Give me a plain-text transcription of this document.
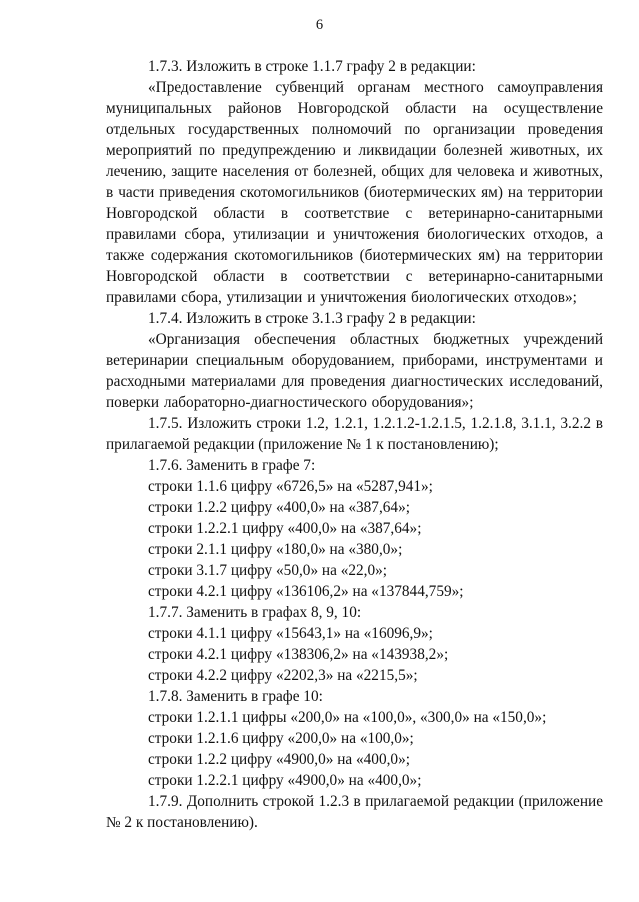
6

1.7.3. Изложить в строке 1.1.7 графу 2 в редакции:

«Предоставление субвенций органам местного самоуправления муниципальных районов Новгородской области на осуществление отдельных государственных полномочий по организации проведения мероприятий по предупреждению и ликвидации болезней животных, их лечению, защите населения от болезней, общих для человека и животных, в части приведения скотомогильников (биотермических ям) на территории Новгородской области в соответствие с ветеринарно-санитарными правилами сбора, утилизации и уничтожения биологических отходов, а также содержания скотомогильников (биотермических ям) на территории Новгородской области в соответствии с ветеринарно-санитарными правилами сбора, утилизации и уничтожения биологических отходов»;

1.7.4. Изложить в строке 3.1.3 графу 2 в редакции:

«Организация обеспечения областных бюджетных учреждений ветеринарии специальным оборудованием, приборами, инструментами и расходными материалами для проведения диагностических исследований, поверки лабораторно-диагностического оборудования»;

1.7.5. Изложить строки 1.2, 1.2.1, 1.2.1.2-1.2.1.5, 1.2.1.8, 3.1.1, 3.2.2 в прилагаемой редакции (приложение № 1 к постановлению);

1.7.6. Заменить в графе 7:

строки 1.1.6 цифру «6726,5» на «5287,941»;

строки 1.2.2 цифру «400,0» на «387,64»;

строки 1.2.2.1 цифру «400,0» на «387,64»;

строки 2.1.1 цифру «180,0» на «380,0»;

строки 3.1.7 цифру «50,0» на «22,0»;

строки 4.2.1 цифру «136106,2» на «137844,759»;

1.7.7. Заменить в графах 8, 9, 10:

строки 4.1.1 цифру «15643,1» на «16096,9»;

строки 4.2.1 цифру «138306,2» на «143938,2»;

строки 4.2.2 цифру «2202,3» на «2215,5»;

1.7.8. Заменить в графе 10:

строки 1.2.1.1 цифры «200,0» на «100,0», «300,0» на «150,0»;

строки 1.2.1.6 цифру «200,0» на «100,0»;

строки 1.2.2 цифру «4900,0» на «400,0»;

строки 1.2.2.1 цифру «4900,0» на «400,0»;

1.7.9. Дополнить строкой 1.2.3 в прилагаемой редакции (приложение № 2 к постановлению).
